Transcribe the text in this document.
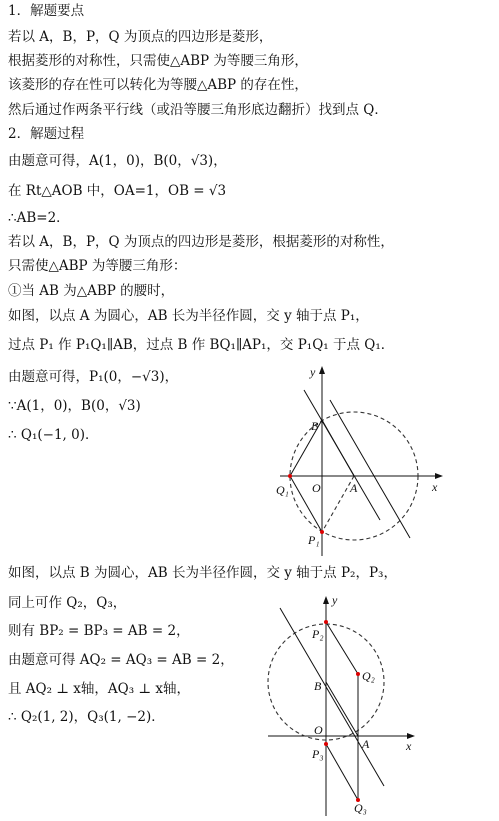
1．解题要点
若以 A，B，P，Q 为顶点的四边形是菱形，
根据菱形的对称性，只需使△ABP 为等腰三角形，
该菱形的存在性可以转化为等腰△ABP 的存在性，
然后通过作两条平行线（或沿等腰三角形底边翻折）找到点 Q．
2．解题过程
由题意可得，A(1，0)，B(0，√3)，
在 Rt△AOB 中，OA=1，OB = √3
∴AB=2．
若以 A，B，P，Q 为顶点的四边形是菱形，根据菱形的对称性，
只需使△ABP 为等腰三角形：
①当 AB 为△ABP 的腰时，
如图，以点 A 为圆心，AB 长为半径作圆，交 y 轴于点 P₁，
过点 P₁ 作 P₁Q₁∥AB，过点 B 作 BQ₁∥AP₁，交 P₁Q₁ 于点 Q₁．
由题意可得，P₁(0，−√3)，
∵A(1，0)，B(0，√3)
∴ Q₁(−1, 0)．
如图，以点 B 为圆心，AB 长为半径作圆，交 y 轴于点 P₂，P₃，
同上可作 Q₂，Q₃，
则有 BP₂ = BP₃ = AB = 2，
由题意可得 AQ₂ = AQ₃ = AB = 2，
且 AQ₂ ⊥ x轴，AQ₃ ⊥ x轴，
∴ Q₂(1, 2)，Q₃(1, −2)．
y
x
B
O A
Q₁
P₁
y
x
P₂
B
Q₂
O
A
P₃
Q₃
